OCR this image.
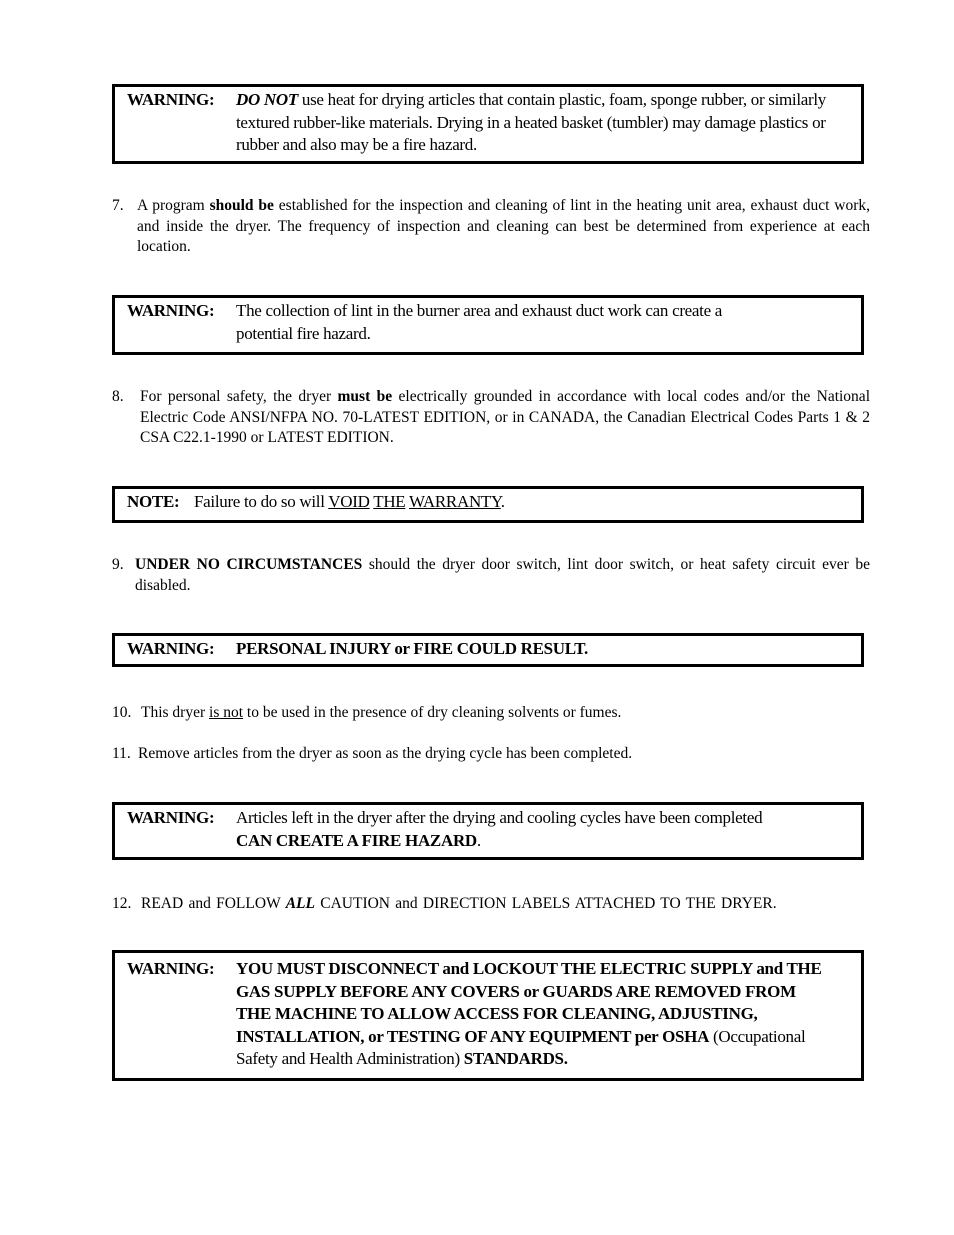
WARNING:	DO NOT use heat for drying articles that contain plastic, foam, sponge rubber, or similarly textured rubber-like materials. Drying in a heated basket (tumbler) may damage plastics or rubber and also may be a fire hazard.
7. A program should be established for the inspection and cleaning of lint in the heating unit area, exhaust duct work, and inside the dryer. The frequency of inspection and cleaning can best be determined from experience at each location.
WARNING:	The collection of lint in the burner area and exhaust duct work can create a potential fire hazard.
8.	For personal safety, the dryer must be electrically grounded in accordance with local codes and/or the National Electric Code ANSI/NFPA NO. 70-LATEST EDITION, or in CANADA, the Canadian Electrical Codes Parts 1 & 2 CSA C22.1-1990 or LATEST EDITION.
NOTE: Failure to do so will VOID THE WARRANTY.
9. UNDER NO CIRCUMSTANCES should the dryer door switch, lint door switch, or heat safety circuit ever be disabled.
WARNING:	PERSONAL INJURY or FIRE COULD RESULT.
10. This dryer is not to be used in the presence of dry cleaning solvents or fumes.
11. Remove articles from the dryer as soon as the drying cycle has been completed.
WARNING:	Articles left in the dryer after the drying and cooling cycles have been completed CAN CREATE A FIRE HAZARD.
12. READ and FOLLOW ALL CAUTION and DIRECTION LABELS ATTACHED TO THE DRYER.
WARNING:	YOU MUST DISCONNECT and LOCKOUT THE ELECTRIC SUPPLY and THE GAS SUPPLY BEFORE ANY COVERS or GUARDS ARE REMOVED FROM THE MACHINE TO ALLOW ACCESS FOR CLEANING, ADJUSTING, INSTALLATION, or TESTING OF ANY EQUIPMENT per OSHA (Occupational Safety and Health Administration) STANDARDS.
